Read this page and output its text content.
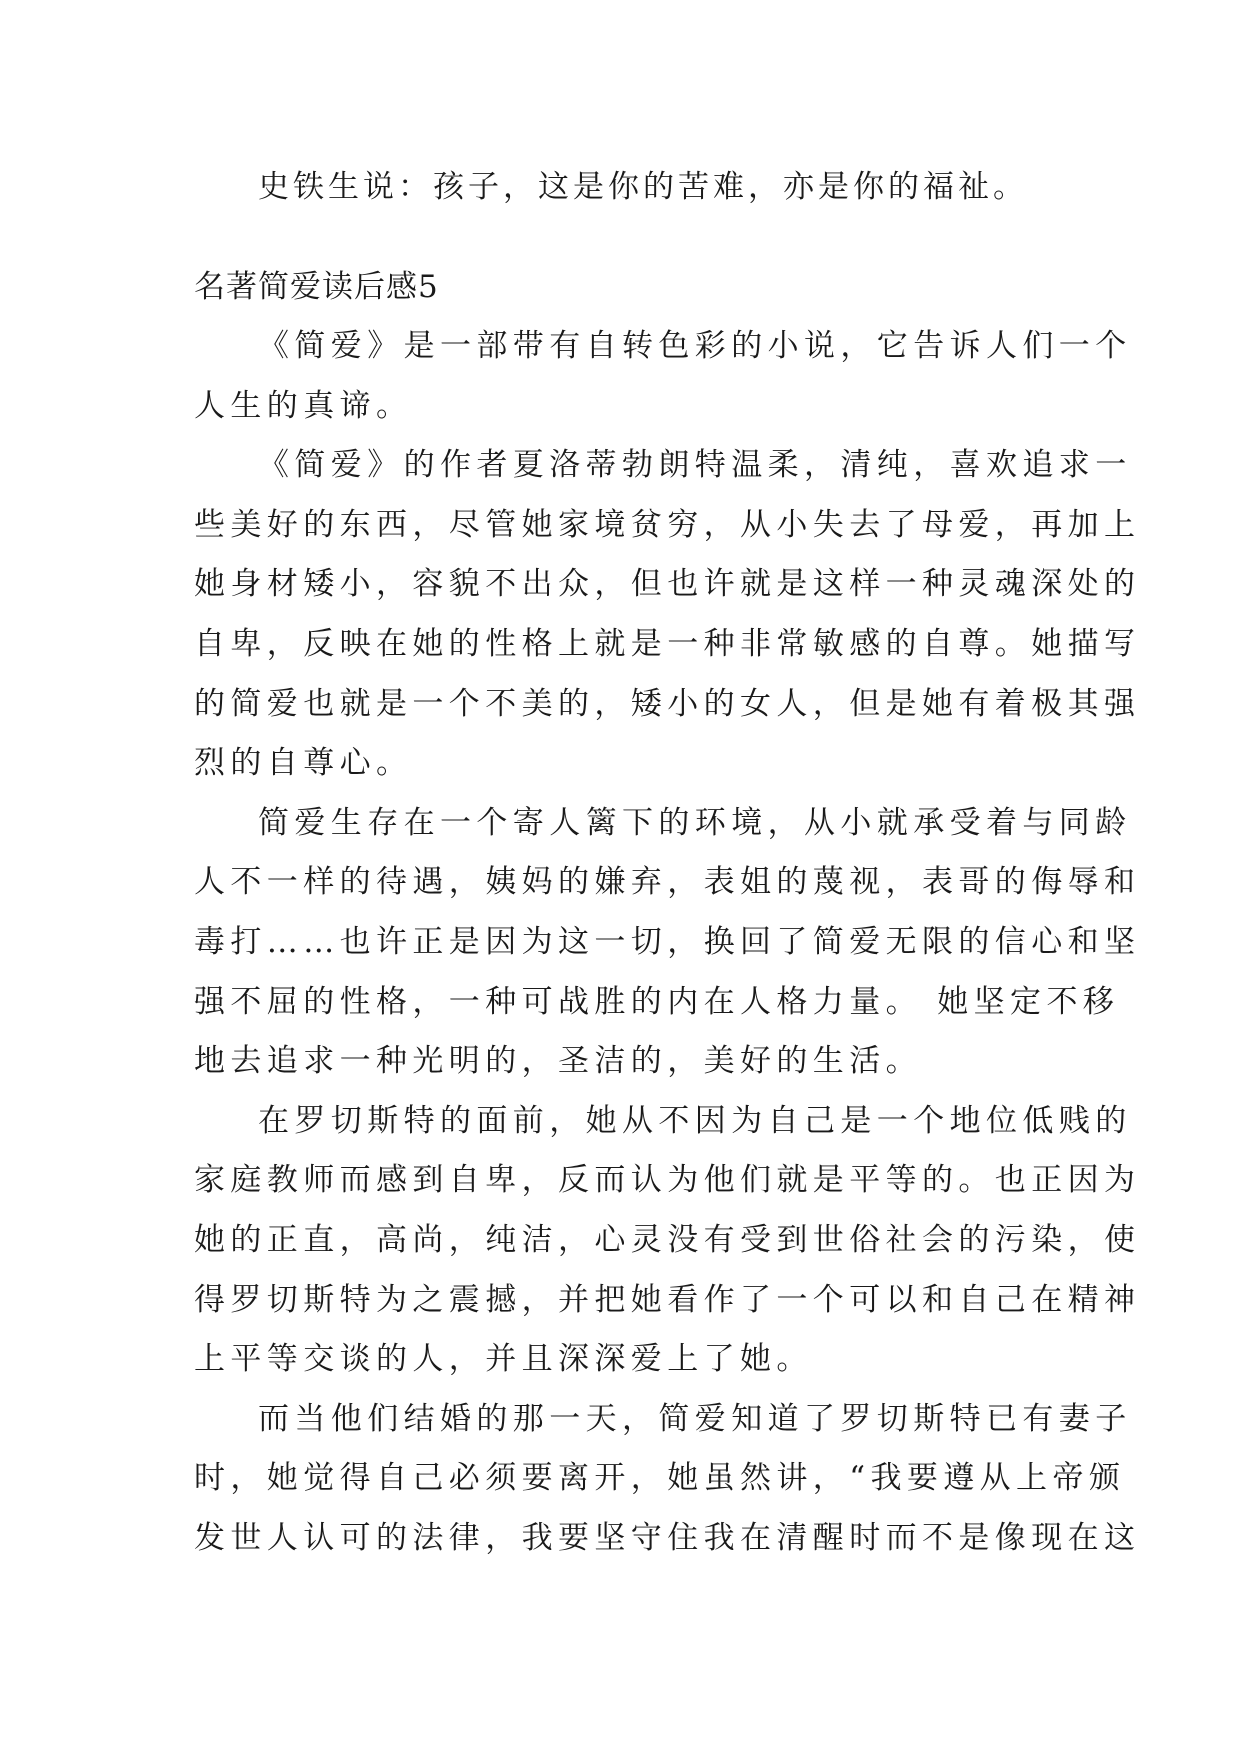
史铁生说：孩子，这是你的苦难，亦是你的福祉。

名著简爱读后感5

《简爱》是一部带有自转色彩的小说，它告诉人们一个
人生的真谛。
《简爱》的作者夏洛蒂勃朗特温柔，清纯，喜欢追求一
些美好的东西，尽管她家境贫穷，从小失去了母爱，再加上
她身材矮小，容貌不出众，但也许就是这样一种灵魂深处的
自卑，反映在她的性格上就是一种非常敏感的自尊。她描写
的简爱也就是一个不美的，矮小的女人，但是她有着极其强
烈的自尊心。
简爱生存在一个寄人篱下的环境，从小就承受着与同龄
人不一样的待遇，姨妈的嫌弃，表姐的蔑视，表哥的侮辱和
毒打……也许正是因为这一切，换回了简爱无限的信心和坚
强不屈的性格，一种可战胜的内在人格力量。 她坚定不移
地去追求一种光明的，圣洁的，美好的生活。
在罗切斯特的面前，她从不因为自己是一个地位低贱的
家庭教师而感到自卑，反而认为他们就是平等的。也正因为
她的正直，高尚，纯洁，心灵没有受到世俗社会的污染，使
得罗切斯特为之震撼，并把她看作了一个可以和自己在精神
上平等交谈的人，并且深深爱上了她。
而当他们结婚的那一天，简爱知道了罗切斯特已有妻子
时，她觉得自己必须要离开，她虽然讲，“我要遵从上帝颁
发世人认可的法律，我要坚守住我在清醒时而不是像现在这
